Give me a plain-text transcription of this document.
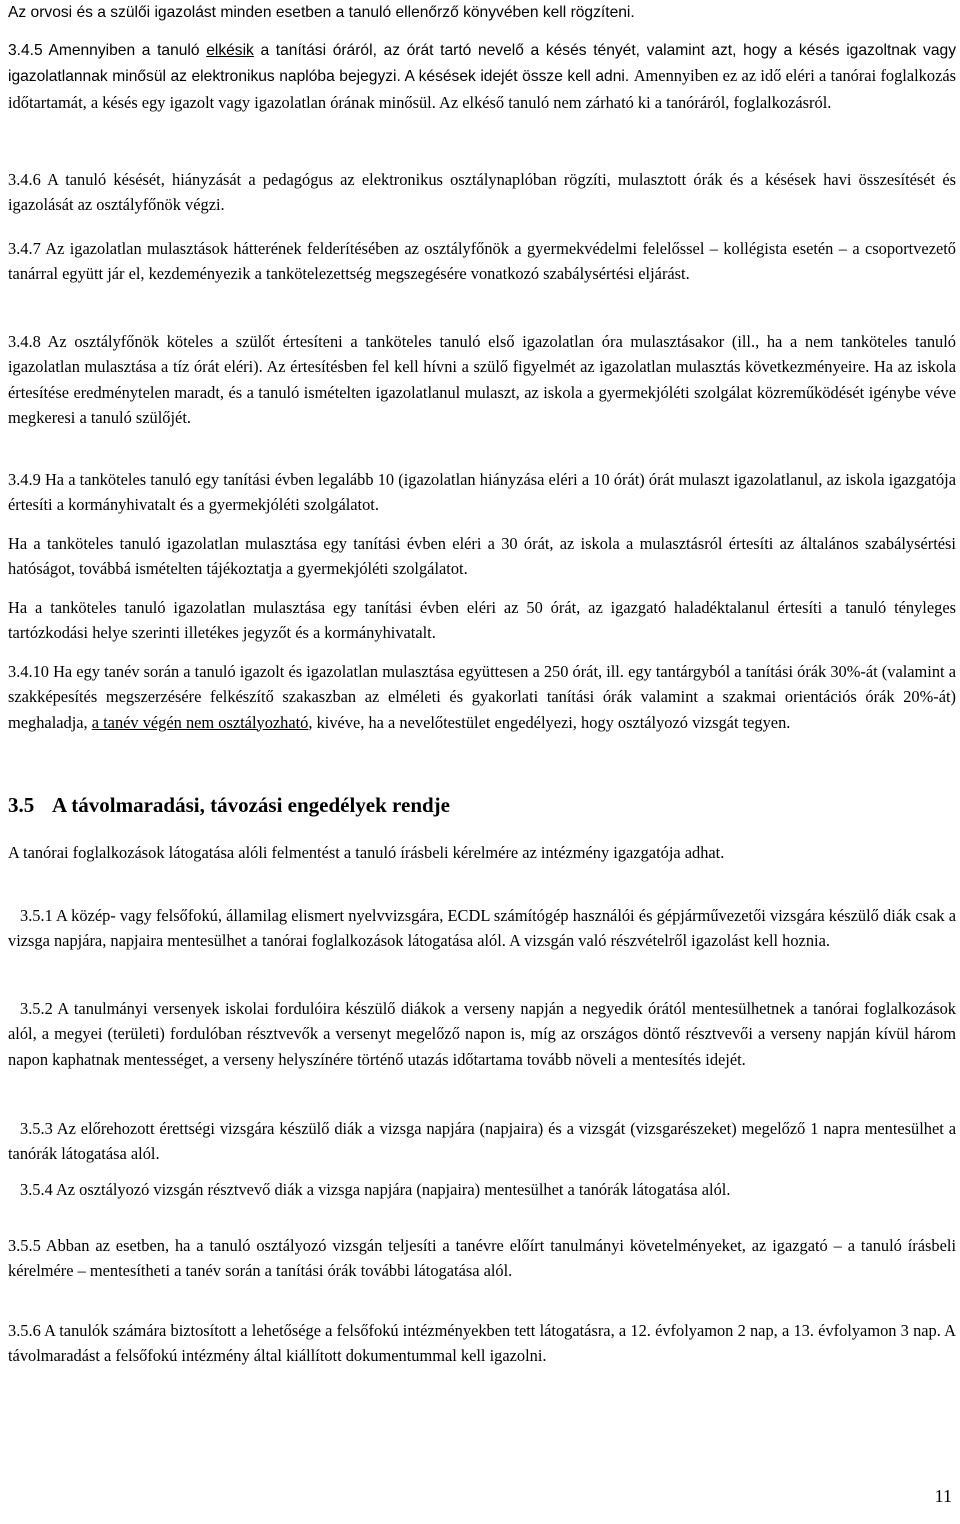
Az orvosi és a szülői igazolást minden esetben a tanuló ellenőrző könyvében kell rögzíteni.

3.4.5 Amennyiben a tanuló elkésik a tanítási óráról, az órát tartó nevelő a késés tényét, valamint azt, hogy a késés igazoltnak vagy igazolatlannak minősül az elektronikus naplóba bejegyzi. A késések idejét össze kell adni. Amennyiben ez az idő eléri a tanórai foglalkozás időtartamát, a késés egy igazolt vagy igazolatlan órának minősül. Az elkéső tanuló nem zárható ki a tanóráról, foglalkozásról.

3.4.6 A tanuló késését, hiányzását a pedagógus az elektronikus osztálynaplóban rögzíti, mulasztott órák és a késések havi összesítését és igazolását az osztályfőnök végzi.

3.4.7 Az igazolatlan mulasztások hátterének felderítésében az osztályfőnök a gyermekvédelmi felelőssel – kollégista esetén – a csoportvezető tanárral együtt jár el, kezdeményezik a tankötelezettség megszegésére vonatkozó szabálysértési eljárást.

3.4.8 Az osztályfőnök köteles a szülőt értesíteni a tanköteles tanuló első igazolatlan óra mulasztásakor (ill., ha a nem tanköteles tanuló igazolatlan mulasztása a tíz órát eléri). Az értesítésben fel kell hívni a szülő figyelmét az igazolatlan mulasztás következményeire. Ha az iskola értesítése eredménytelen maradt, és a tanuló ismételten igazolatlanul mulaszt, az iskola a gyermekjóléti szolgálat közreműködését igénybe véve megkeresi a tanuló szülőjét.

3.4.9 Ha a tanköteles tanuló egy tanítási évben legalább 10 (igazolatlan hiányzása eléri a 10 órát) órát mulaszt igazolatlanul, az iskola igazgatója értesíti a kormányhivatalt és a gyermekjóléti szolgálatot.

Ha a tanköteles tanuló igazolatlan mulasztása egy tanítási évben eléri a 30 órát, az iskola a mulasztásról értesíti az általános szabálysértési hatóságot, továbbá ismételten tájékoztatja a gyermekjóléti szolgálatot.

Ha a tanköteles tanuló igazolatlan mulasztása egy tanítási évben eléri az 50 órát, az igazgató haladéktalanul értesíti a tanuló tényleges tartózkodási helye szerinti illetékes jegyzőt és a kormányhivatalt.

3.4.10 Ha egy tanév során a tanuló igazolt és igazolatlan mulasztása együttesen a 250 órát, ill. egy tantárgyból a tanítási órák 30%-át (valamint a szakképesítés megszerzésére felkészítő szakaszban az elméleti és gyakorlati tanítási órák valamint a szakmai orientációs órák 20%-át) meghaladja, a tanév végén nem osztályozható, kivéve, ha a nevelőtestület engedélyezi, hogy osztályozó vizsgát tegyen.

3.5 A távolmaradási, távozási engedélyek rendje

A tanórai foglalkozások látogatása alóli felmentést a tanuló írásbeli kérelmére az intézmény igazgatója adhat.

3.5.1 A közép- vagy felsőfokú, államilag elismert nyelvvizsgára, ECDL számítógép használói és gépjárművezetői vizsgára készülő diák csak a vizsga napjára, napjaira mentesülhet a tanórai foglalkozások látogatása alól. A vizsgán való részvételről igazolást kell hoznia.

3.5.2 A tanulmányi versenyek iskolai fordulóira készülő diákok a verseny napján a negyedik órától mentesülhetnek a tanórai foglalkozások alól, a megyei (területi) fordulóban résztvevők a versenyt megelőző napon is, míg az országos döntő résztvevői a verseny napján kívül három napon kaphatnak mentességet, a verseny helyszínére történő utazás időtartama tovább növeli a mentesítés idejét.

3.5.3 Az előrehozott érettségi vizsgára készülő diák a vizsga napjára (napjaira) és a vizsgát (vizsgarészeket) megelőző 1 napra mentesülhet a tanórák látogatása alól.

3.5.4 Az osztályozó vizsgán résztvevő diák a vizsga napjára (napjaira) mentesülhet a tanórák látogatása alól.

3.5.5 Abban az esetben, ha a tanuló osztályozó vizsgán teljesíti a tanévre előírt tanulmányi követelményeket, az igazgató – a tanuló írásbeli kérelmére – mentesítheti a tanév során a tanítási órák további látogatása alól.

3.5.6 A tanulók számára biztosított a lehetősége a felsőfokú intézményekben tett látogatásra, a 12. évfolyamon 2 nap, a 13. évfolyamon 3 nap. A távolmaradást a felsőfokú intézmény által kiállított dokumentummal kell igazolni.

11
